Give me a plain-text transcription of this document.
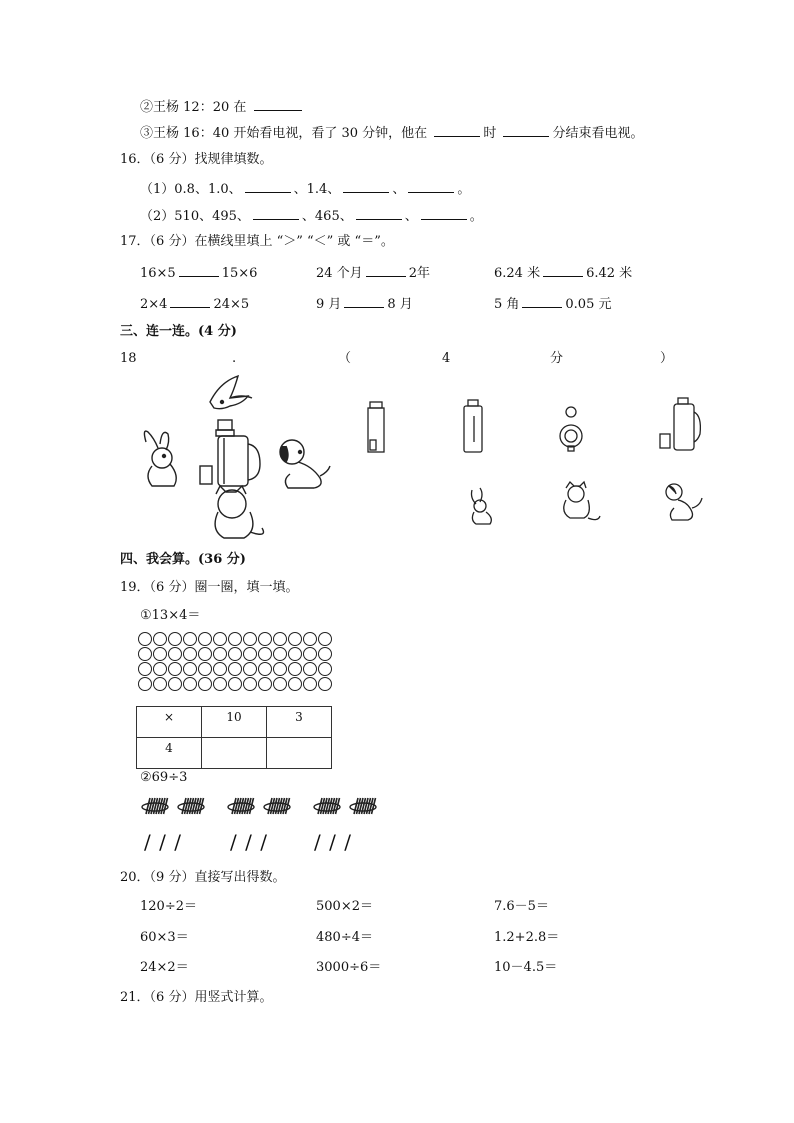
②王杨 12：20 在
③王杨 16：40 开始看电视，看了 30 分钟，他在	时	分结束看电视。
16．（6 分）找规律填数。
（1）0.8、1.0、	、1.4、	、	。
（2）510、495、	、465、	、	。
17．（6 分）在横线里填上 “＞” “＜” 或 “＝”。
16×5	15×6	24 个月	2年	6.24 米	6.42 米
2×4	24×5	9 月	8 月	5 角	0.05 元
三、连一连。(4 分)
18	.	（	4	分	）
四、我会算。(36 分)
19．（6 分）圈一圈，填一填。
①13×4＝
×	10	3
4		
②69÷3
/ / / / / / / / /
20．（9 分）直接写出得数。
120÷2＝	500×2＝	7.6－5＝
60×3＝	480÷4＝	1.2+2.8＝
24×2＝	3000÷6＝	10－4.5＝
21．（6 分）用竖式计算。
